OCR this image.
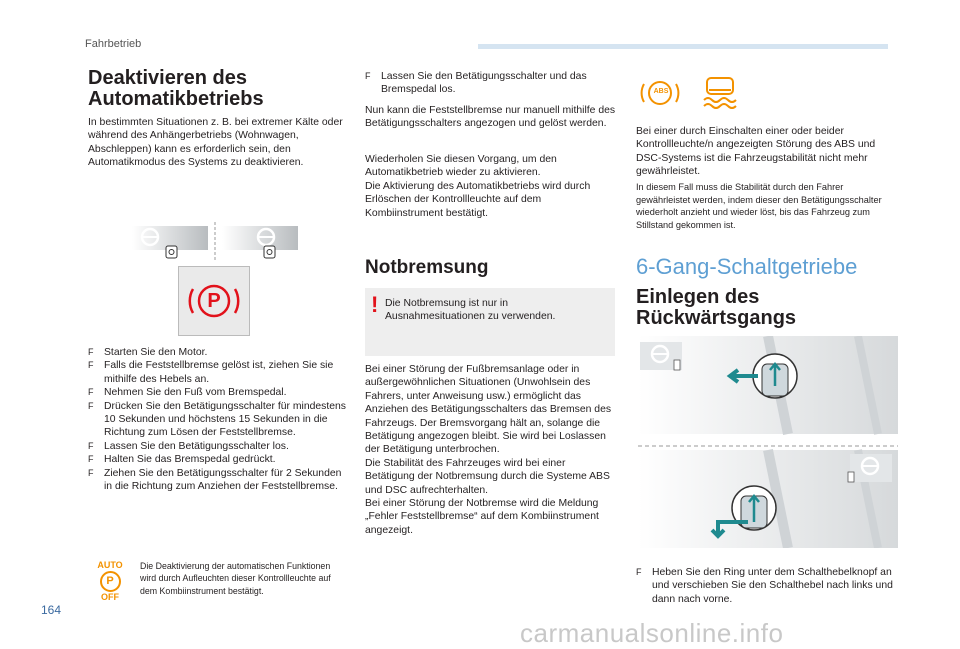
Fahrbetrieb
Deaktivieren des
Automatikbetriebs

In bestimmten Situationen z. B. bei extremer Kälte oder während des Anhängerbetriebs (Wohnwagen, Abschleppen) kann es erforderlich sein, den Automatikmodus des Systems zu deaktivieren.

P
F Starten Sie den Motor.
F Falls die Feststellbremse gelöst ist, ziehen Sie sie mithilfe des Hebels an.
F Nehmen Sie den Fuß vom Bremspedal.
F Drücken Sie den Betätigungsschalter für mindestens 10 Sekunden und höchstens 15 Sekunden in die Richtung zum Lösen der Feststellbremse.
F Lassen Sie den Betätigungsschalter los.
F Halten Sie das Bremspedal gedrückt.
F Ziehen Sie den Betätigungsschalter für 2 Sekunden in die Richtung zum Anziehen der Feststellbremse.
AUTO
P
OFF

Die Deaktivierung der automatischen Funktionen wird durch Aufleuchten dieser Kontrollleuchte auf dem Kombiinstrument bestätigt.

F Lassen Sie den Betätigungsschalter und das Bremspedal los.

Nun kann die Feststellbremse nur manuell mithilfe des Betätigungsschalters angezogen und gelöst werden.

Wiederholen Sie diesen Vorgang, um den Automatikbetrieb wieder zu aktivieren.

Die Aktivierung des Automatikbetriebs wird durch Erlöschen der Kontrollleuchte auf dem Kombiinstrument bestätigt.

Notbremsung
! Die Notbremsung ist nur in Ausnahmesituationen zu verwenden.

Bei einer Störung der Fußbremsanlage oder in außergewöhnlichen Situationen (Unwohlsein des Fahrers, unter Anweisung usw.) ermöglicht das Anziehen des Betätigungsschalters das Bremsen des Fahrzeugs. Der Bremsvorgang hält an, solange die Betätigung angezogen bleibt. Sie wird bei Loslassen der Betätigung unterbrochen.

Die Stabilität des Fahrzeuges wird bei einer Betätigung der Notbremsung durch die Systeme ABS und DSC aufrechterhalten.

Bei einer Störung der Notbremse wird die Meldung „Fehler Feststellbremse“ auf dem Kombiinstrument angezeigt.

ABS

Bei einer durch Einschalten einer oder beider Kontrollleuchte/n angezeigten Störung des ABS und DSC-Systems ist die Fahrzeugstabilität nicht mehr gewährleistet.

In diesem Fall muss die Stabilität durch den Fahrer gewährleistet werden, indem dieser den Betätigungsschalter wiederholt anzieht und wieder löst, bis das Fahrzeug zum Stillstand gekommen ist.

6-Gang-Schaltgetriebe
Einlegen des
Rückwärtsgangs
F Heben Sie den Ring unter dem Schalthebelknopf an und verschieben Sie den Schalthebel nach links und dann nach vorne.
164
carmanualsonline.info
